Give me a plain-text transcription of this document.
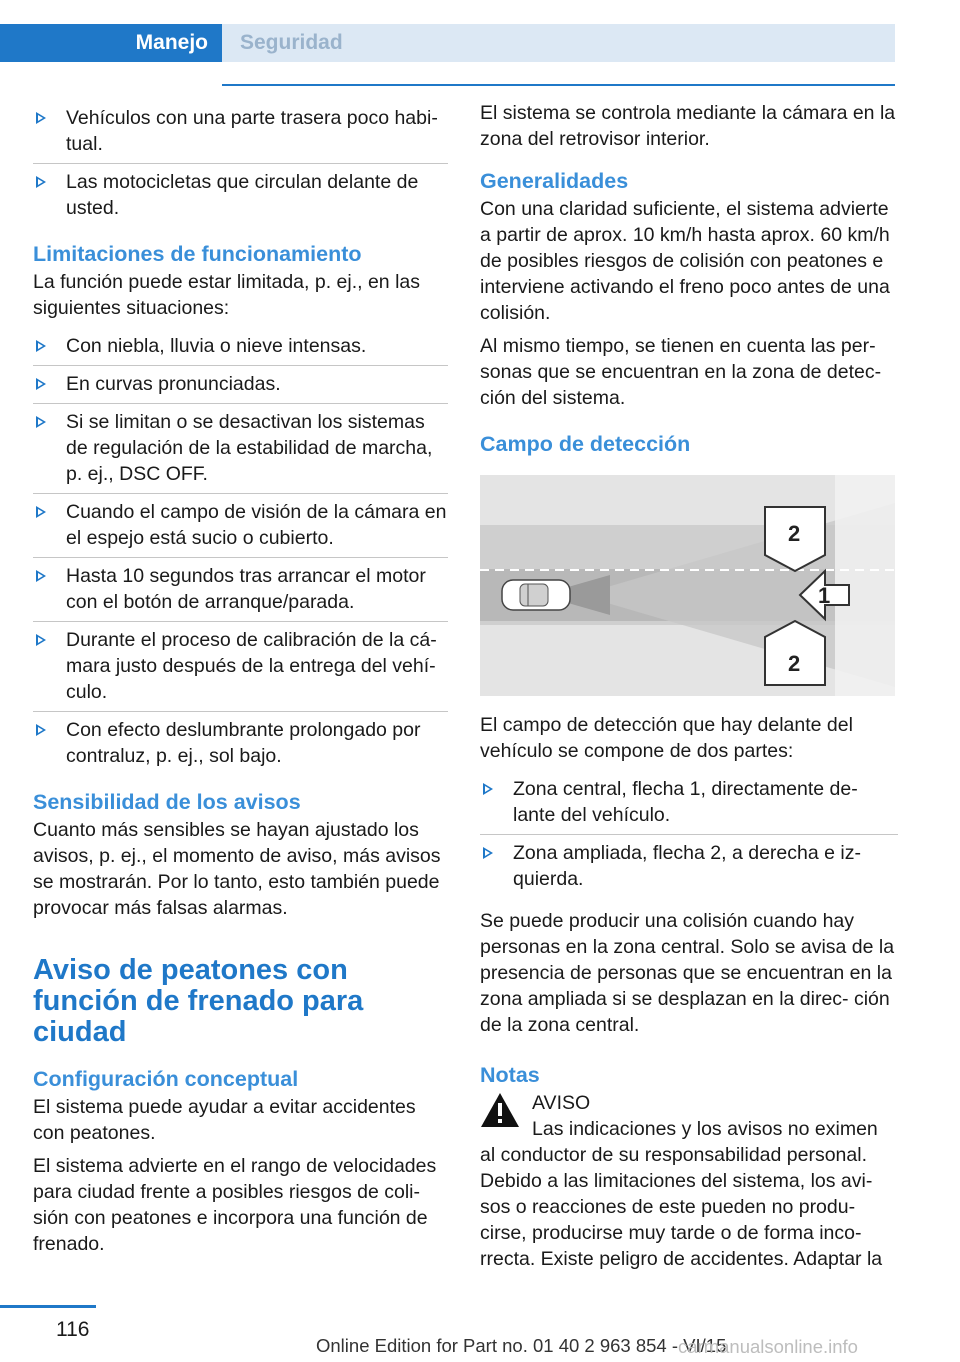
Manejo	Seguridad
Vehículos con una parte trasera poco habi‐ tual.
Las motocicletas que circulan delante de usted.
Limitaciones de funcionamiento

La función puede estar limitada, p. ej., en las siguientes situaciones:

Con niebla, lluvia o nieve intensas.
En curvas pronunciadas.
Si se limitan o se desactivan los sistemas de regulación de la estabilidad de marcha, p. ej., DSC OFF.
Cuando el campo de visión de la cámara en el espejo está sucio o cubierto.
Hasta 10 segundos tras arrancar el motor con el botón de arranque/parada.
Durante el proceso de calibración de la cá‐ mara justo después de la entrega del vehí‐ culo.
Con efecto deslumbrante prolongado por contraluz, p. ej., sol bajo.
Sensibilidad de los avisos

Cuanto más sensibles se hayan ajustado los avisos, p. ej., el momento de aviso, más avisos se mostrarán. Por lo tanto, esto también puede provocar más falsas alarmas.

Aviso de peatones con función de frenado para ciudad
Configuración conceptual

El sistema puede ayudar a evitar accidentes con peatones.

El sistema advierte en el rango de velocidades para ciudad frente a posibles riesgos de coli‐ sión con peatones e incorpora una función de frenado.

El sistema se controla mediante la cámara en la zona del retrovisor interior.

Generalidades

Con una claridad suficiente, el sistema advierte a partir de aprox. 10 km/h hasta aprox. 60 km/h de posibles riesgos de colisión con peatones e interviene activando el freno poco antes de una colisión.

Al mismo tiempo, se tienen en cuenta las per‐ sonas que se encuentran en la zona de detec‐ ción del sistema.

Campo de detección
2
1
2

El campo de detección que hay delante del vehículo se compone de dos partes:

Zona central, flecha 1, directamente de‐ lante del vehículo.
Zona ampliada, flecha 2, a derecha e iz‐ quierda.

Se puede producir una colisión cuando hay personas en la zona central. Solo se avisa de la presencia de personas que se encuentran en la zona ampliada si se desplazan en la direc‐ ción de la zona central.

Notas
AVISO

Las indicaciones y los avisos no eximen al conductor de su responsabilidad personal. Debido a las limitaciones del sistema, los avi‐ sos o reacciones de este pueden no produ‐ cirse, producirse muy tarde o de forma inco‐ rrecta. Existe peligro de accidentes. Adaptar la

116
Online Edition for Part no. 01 40 2 963 854 - VI/15
carmanualsonline.info
